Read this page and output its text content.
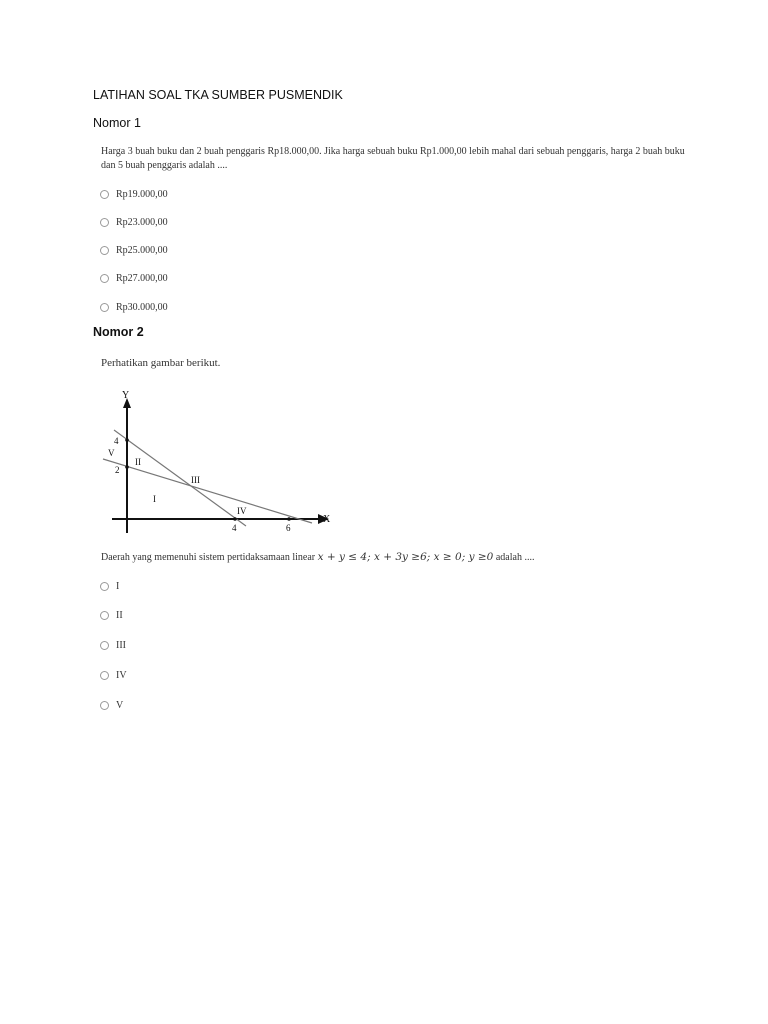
LATIHAN SOAL TKA SUMBER PUSMENDIK
Nomor 1
Harga 3 buah buku dan 2 buah penggaris Rp18.000,00. Jika harga sebuah buku Rp1.000,00 lebih mahal dari sebuah penggaris, harga 2 buah buku dan 5 buah penggaris adalah ....
Rp19.000,00
Rp23.000,00
Rp25.000,00
Rp27.000,00
Rp30.000,00
Nomor 2
Perhatikan gambar berikut.
Y
X
4
2
4	6
I
II
III
IV
V
Daerah yang memenuhi sistem pertidaksamaan linear x + y ≤ 4; x + 3y ≥6; x ≥ 0; y ≥0 adalah ....
I
II
III
IV
V
